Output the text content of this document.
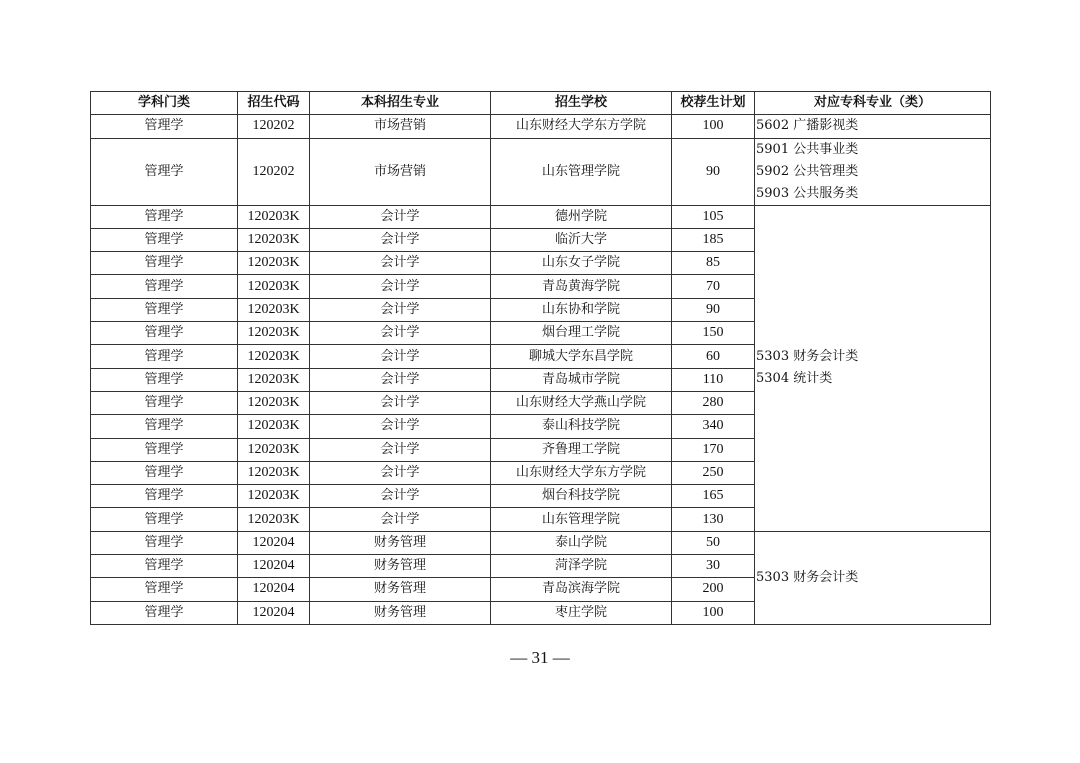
学科门类	招生代码	本科招生专业	招生学校	校荐生计划	对应专科专业（类）
管理学	120202	市场营销	山东财经大学东方学院	100	5602 广播影视类
管理学	120202	市场营销	山东管理学院	90	5901 公共事业类
5902 公共管理类
5903 公共服务类

管理学	120203K	会计学	德州学院	105	5303 财务会计类
5304 统计类

管理学	120203K	会计学	临沂大学	185	
管理学	120203K	会计学	山东女子学院	85	
管理学	120203K	会计学	青岛黄海学院	70	
管理学	120203K	会计学	山东协和学院	90	
管理学	120203K	会计学	烟台理工学院	150	
管理学	120203K	会计学	聊城大学东昌学院	60	
管理学	120203K	会计学	青岛城市学院	110	
管理学	120203K	会计学	山东财经大学燕山学院	280	
管理学	120203K	会计学	泰山科技学院	340	
管理学	120203K	会计学	齐鲁理工学院	170	
管理学	120203K	会计学	山东财经大学东方学院	250	
管理学	120203K	会计学	烟台科技学院	165	
管理学	120203K	会计学	山东管理学院	130	
管理学	120204	财务管理	泰山学院	50	5303 财务会计类
管理学	120204	财务管理	菏泽学院	30	
管理学	120204	财务管理	青岛滨海学院	200	
管理学	120204	财务管理	枣庄学院	100	
— 31 —
